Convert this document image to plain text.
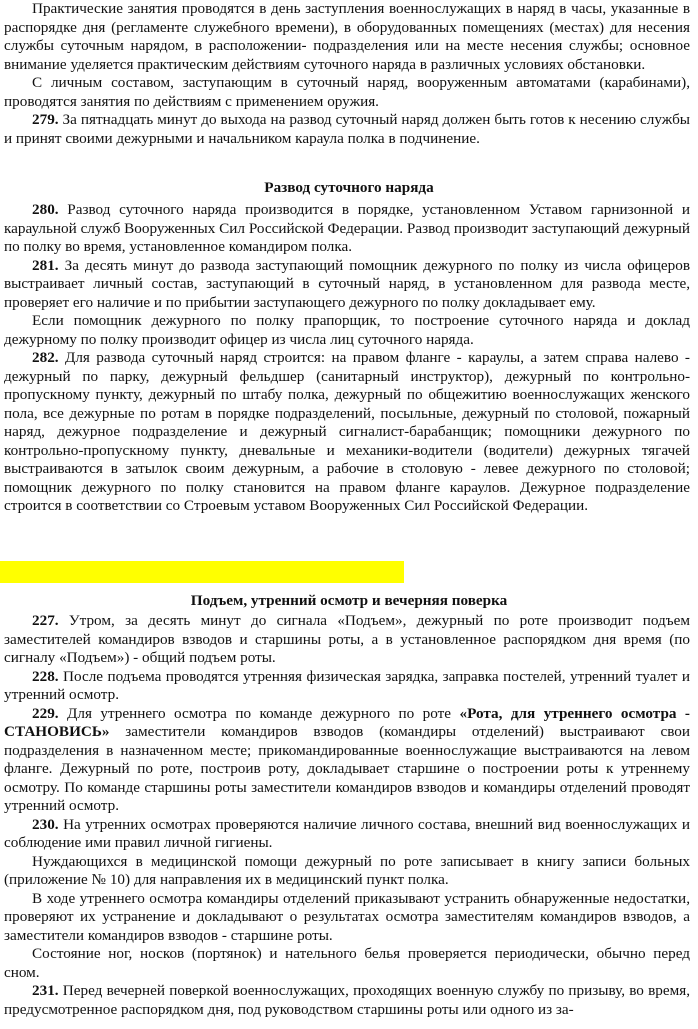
Практические занятия проводятся в день заступления военнослужащих в наряд в часы, указанные в распорядке дня (регламенте служебного времени), в оборудованных помещениях (местах) для несения службы суточным нарядом, в расположении- подразделения или на месте несения службы; основное внимание уделяется практическим действиям суточного наряда в различных условиях обстановки.

С личным составом, заступающим в суточный наряд, вооруженным автоматами (карабинами), проводятся занятия по действиям с применением оружия.

279. За пятнадцать минут до выхода на развод суточный наряд должен быть готов к несению службы и принят своими дежурными и начальником караула полка в подчинение.

Развод суточного наряда

280. Развод суточного наряда производится в порядке, установленном Уставом гарнизонной и караульной служб Вооруженных Сил Российской Федерации. Развод производит заступающий дежурный по полку во время, установленное командиром полка.

281. За десять минут до развода заступающий помощник дежурного по полку из числа офицеров выстраивает личный состав, заступающий в суточный наряд, в установленном для развода месте, проверяет его наличие и по прибытии заступающего дежурного по полку докладывает ему.

Если помощник дежурного по полку прапорщик, то построение суточного наряда и доклад дежурному по полку производит офицер из числа лиц суточного наряда.

282. Для развода суточный наряд строится: на правом фланге - караулы, а затем справа налево - дежурный по парку, дежурный фельдшер (санитарный инструктор), дежурный по контрольно-пропускному пункту, дежурный по штабу полка, дежурный по общежитию военнослужащих женского пола, все дежурные по ротам в порядке подразделений, посыльные, дежурный по столовой, пожарный наряд, дежурное подразделение и дежурный сигналист-барабанщик; помощники дежурного по контрольно-пропускному пункту, дневальные и механики-водители (водители) дежурных тягачей выстраиваются в затылок своим дежурным, а рабочие в столовую - левее дежурного по столовой; помощник дежурного по полку становится на правом фланге караулов. Дежурное подразделение строится в соответствии со Строевым уставом Вооруженных Сил Российской Федерации.

Подъем, утренний осмотр и вечерняя поверка

227. Утром, за десять минут до сигнала «Подъем», дежурный по роте производит подъем заместителей командиров взводов и старшины роты, а в установленное распорядком дня время (по сигналу «Подъем») - общий подъем роты.

228. После подъема проводятся утренняя физическая зарядка, заправка постелей, утренний туалет и утренний осмотр.

229. Для утреннего осмотра по команде дежурного по роте «Рота, для утреннего осмотра - СТАНОВИСЬ» заместители командиров взводов (командиры отделений) выстраивают свои подразделения в назначенном месте; прикомандированные военнослужащие выстраиваются на левом фланге. Дежурный по роте, построив роту, докладывает старшине о построении роты к утреннему осмотру. По команде старшины роты заместители командиров взводов и командиры отделений проводят утренний осмотр.

230. На утренних осмотрах проверяются наличие личного состава, внешний вид военнослужащих и соблюдение ими правил личной гигиены.

Нуждающихся в медицинской помощи дежурный по роте записывает в книгу записи больных (приложение № 10) для направления их в медицинский пункт полка.

В ходе утреннего осмотра командиры отделений приказывают устранить обнаруженные недостатки, проверяют их устранение и докладывают о результатах осмотра заместителям командиров взводов, а заместители командиров взводов - старшине роты.

Состояние ног, носков (портянок) и нательного белья проверяется периодически, обычно перед сном.

231. Перед вечерней поверкой военнослужащих, проходящих военную службу по призыву, во время, предусмотренное распорядком дня, под руководством старшины роты или одного из за-
